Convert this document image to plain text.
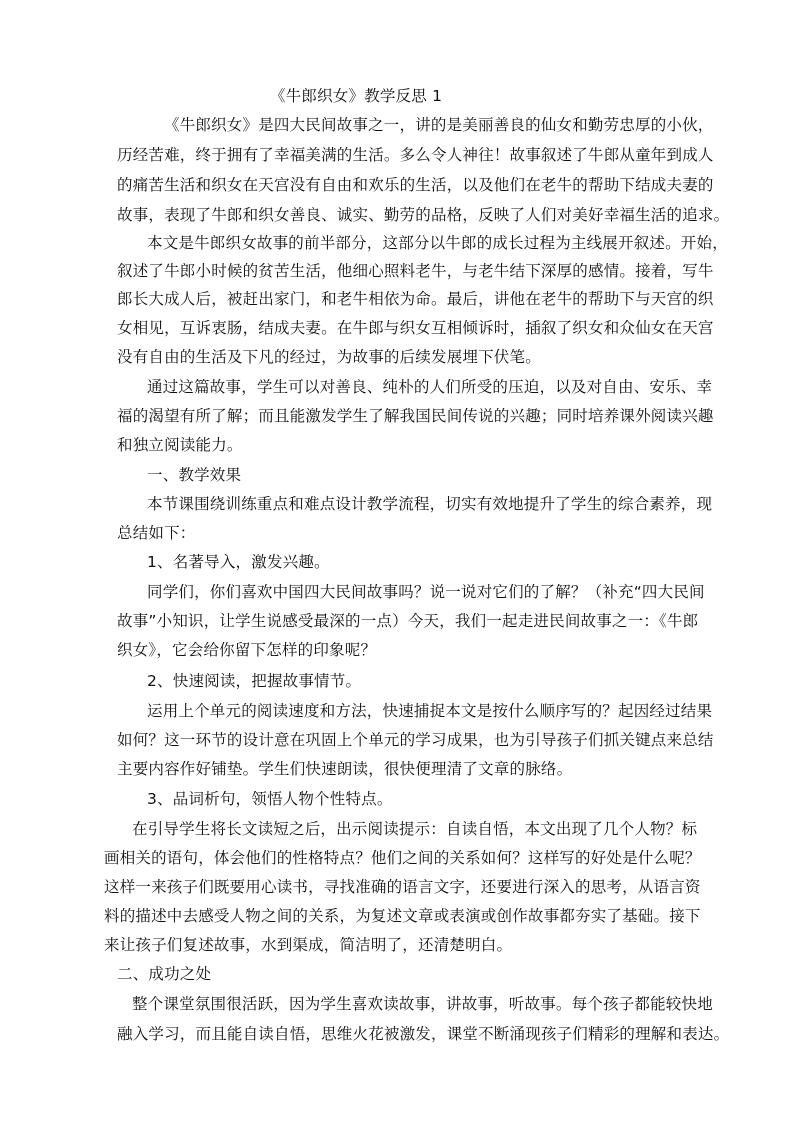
《牛郎织女》教学反思 1
《牛郎织女》是四大民间故事之一，讲的是美丽善良的仙女和勤劳忠厚的小伙，
历经苦难，终于拥有了幸福美满的生活。多么令人神往！故事叙述了牛郎从童年到成人
的痛苦生活和织女在天宫没有自由和欢乐的生活，以及他们在老牛的帮助下结成夫妻的
故事，表现了牛郎和织女善良、诚实、勤劳的品格，反映了人们对美好幸福生活的追求。
本文是牛郎织女故事的前半部分，这部分以牛郎的成长过程为主线展开叙述。开始，
叙述了牛郎小时候的贫苦生活，他细心照料老牛，与老牛结下深厚的感情。接着，写牛
郎长大成人后，被赶出家门，和老牛相依为命。最后，讲他在老牛的帮助下与天宫的织
女相见，互诉衷肠，结成夫妻。在牛郎与织女互相倾诉时，插叙了织女和众仙女在天宫
没有自由的生活及下凡的经过，为故事的后续发展埋下伏笔。
通过这篇故事，学生可以对善良、纯朴的人们所受的压迫，以及对自由、安乐、幸
福的渴望有所了解；而且能激发学生了解我国民间传说的兴趣；同时培养课外阅读兴趣
和独立阅读能力。
一、教学效果
本节课围绕训练重点和难点设计教学流程，切实有效地提升了学生的综合素养，现
总结如下：
1、名著导入，激发兴趣。
同学们，你们喜欢中国四大民间故事吗？说一说对它们的了解？（补充“四大民间
故事”小知识，让学生说感受最深的一点）今天，我们一起走进民间故事之一：《牛郎
织女》，它会给你留下怎样的印象呢？
2、快速阅读，把握故事情节。
运用上个单元的阅读速度和方法，快速捕捉本文是按什么顺序写的？起因经过结果
如何？这一环节的设计意在巩固上个单元的学习成果，也为引导孩子们抓关键点来总结
主要内容作好铺垫。学生们快速朗读，很快便理清了文章的脉络。
3、品词析句，领悟人物个性特点。
在引导学生将长文读短之后，出示阅读提示：自读自悟，本文出现了几个人物？标
画相关的语句，体会他们的性格特点？他们之间的关系如何？这样写的好处是什么呢？
这样一来孩子们既要用心读书，寻找准确的语言文字，还要进行深入的思考，从语言资
料的描述中去感受人物之间的关系，为复述文章或表演或创作故事都夯实了基础。接下
来让孩子们复述故事，水到渠成，简洁明了，还清楚明白。
二、成功之处
整个课堂氛围很活跃，因为学生喜欢读故事，讲故事，听故事。每个孩子都能较快地
融入学习，而且能自读自悟，思维火花被激发，课堂不断涌现孩子们精彩的理解和表达。
